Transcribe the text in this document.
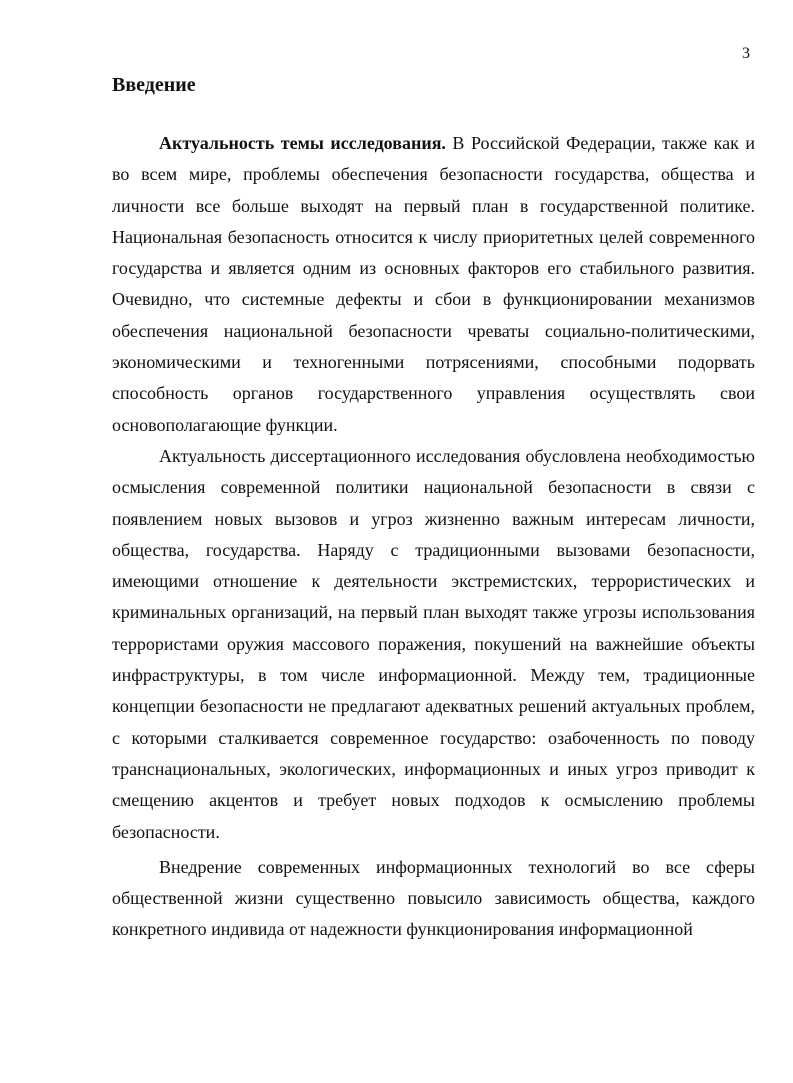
3
Введение

Актуальность темы исследования. В Российской Федерации, также как и во всем мире, проблемы обеспечения безопасности государства, общества и личности все больше выходят на первый план в государственной политике. Национальная безопасность относится к числу приоритетных целей современного государства и является одним из основных факторов его стабильного развития. Очевидно, что системные дефекты и сбои в функционировании механизмов обеспечения национальной безопасности чреваты социально-политическими, экономическими и техногенными потрясениями, способными подорвать способность органов государственного управления осуществлять свои основополагающие функции.

Актуальность диссертационного исследования обусловлена необходимостью осмысления современной политики национальной безопасности в связи с появлением новых вызовов и угроз жизненно важным интересам личности, общества, государства. Наряду с традиционными вызовами безопасности, имеющими отношение к деятельности экстремистских, террористических и криминальных организаций, на первый план выходят также угрозы использования террористами оружия массового поражения, покушений на важнейшие объекты инфраструктуры, в том числе информационной. Между тем, традиционные концепции безопасности не предлагают адекватных решений актуальных проблем, с которыми сталкивается современное государство: озабоченность по поводу транснациональных, экологических, информационных и иных угроз приводит к смещению акцентов и требует новых подходов к осмыслению проблемы безопасности.

Внедрение современных информационных технологий во все сферы общественной жизни существенно повысило зависимость общества, каждого конкретного индивида от надежности функционирования информационной
